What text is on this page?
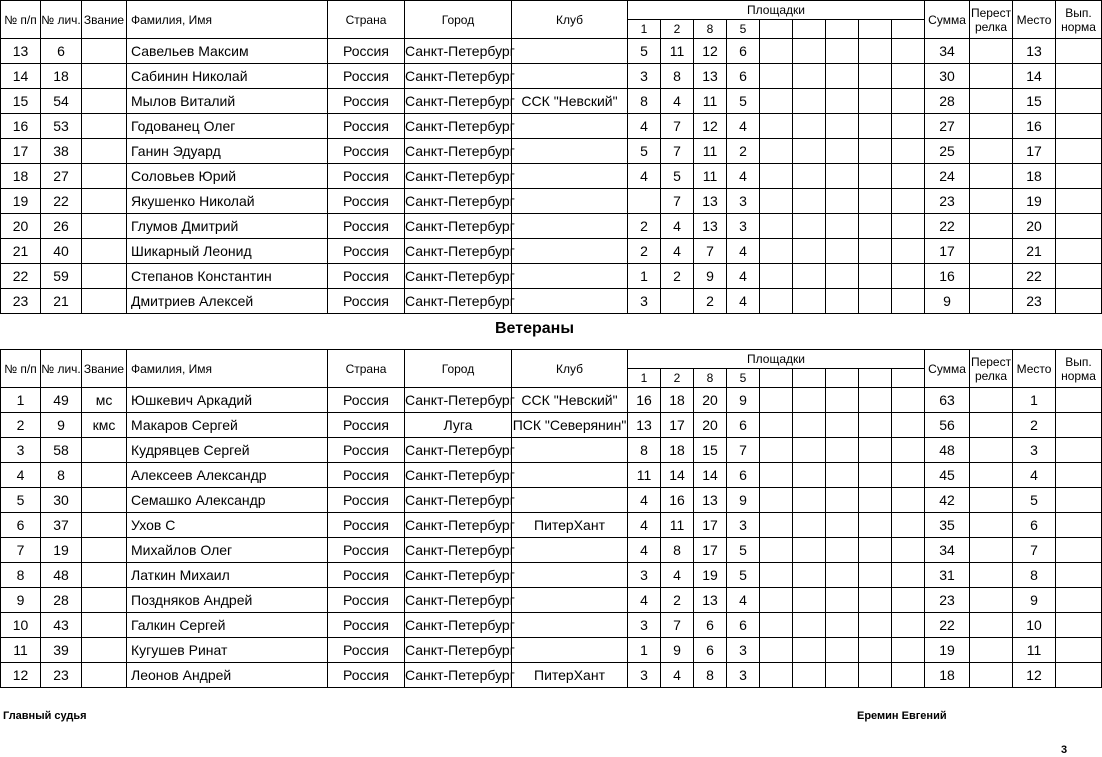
№ п/п	№ лич.	Звание	Фамилия, Имя	Страна	Город	Клуб	Площадки									Сумма	Перест релка	Место	Вып. норма
							1	2	8	5									
13	6		Савельев Максим	Россия	Санкт-Петербург		5	11	12	6						34		13	
14	18		Сабинин Николай	Россия	Санкт-Петербург		3	8	13	6						30		14	
15	54		Мылов Виталий	Россия	Санкт-Петербург	ССК "Невский"	8	4	11	5						28		15	
16	53		Годованец Олег	Россия	Санкт-Петербург		4	7	12	4						27		16	
17	38		Ганин Эдуард	Россия	Санкт-Петербург		5	7	11	2						25		17	
18	27		Соловьев Юрий	Россия	Санкт-Петербург		4	5	11	4						24		18	
19	22		Якушенко Николай	Россия	Санкт-Петербург			7	13	3						23		19	
20	26		Глумов Дмитрий	Россия	Санкт-Петербург		2	4	13	3						22		20	
21	40		Шикарный Леонид	Россия	Санкт-Петербург		2	4	7	4						17		21	
22	59		Степанов Константин	Россия	Санкт-Петербург		1	2	9	4						16		22	
23	21		Дмитриев Алексей	Россия	Санкт-Петербург		3		2	4						9		23	
Ветераны
№ п/п	№ лич.	Звание	Фамилия, Имя	Страна	Город	Клуб	Площадки									Сумма	Перест релка	Место	Вып. норма
							1	2	8	5									
1	49	мс	Юшкевич Аркадий	Россия	Санкт-Петербург	ССК "Невский"	16	18	20	9						63		1	
2	9	кмс	Макаров Сергей	Россия	Луга	ПСК "Северянин"	13	17	20	6						56		2	
3	58		Кудрявцев Сергей	Россия	Санкт-Петербург		8	18	15	7						48		3	
4	8		Алексеев Александр	Россия	Санкт-Петербург		11	14	14	6						45		4	
5	30		Семашко Александр	Россия	Санкт-Петербург		4	16	13	9						42		5	
6	37		Ухов С	Россия	Санкт-Петербург	ПитерХант	4	11	17	3						35		6	
7	19		Михайлов Олег	Россия	Санкт-Петербург		4	8	17	5						34		7	
8	48		Латкин Михаил	Россия	Санкт-Петербург		3	4	19	5						31		8	
9	28		Поздняков Андрей	Россия	Санкт-Петербург		4	2	13	4						23		9	
10	43		Галкин Сергей	Россия	Санкт-Петербург		3	7	6	6						22		10	
11	39		Кугушев Ринат	Россия	Санкт-Петербург		1	9	6	3						19		11	
12	23		Леонов Андрей	Россия	Санкт-Петербург	ПитерХант	3	4	8	3						18		12	
Главный судья	Еремин Евгений
3
